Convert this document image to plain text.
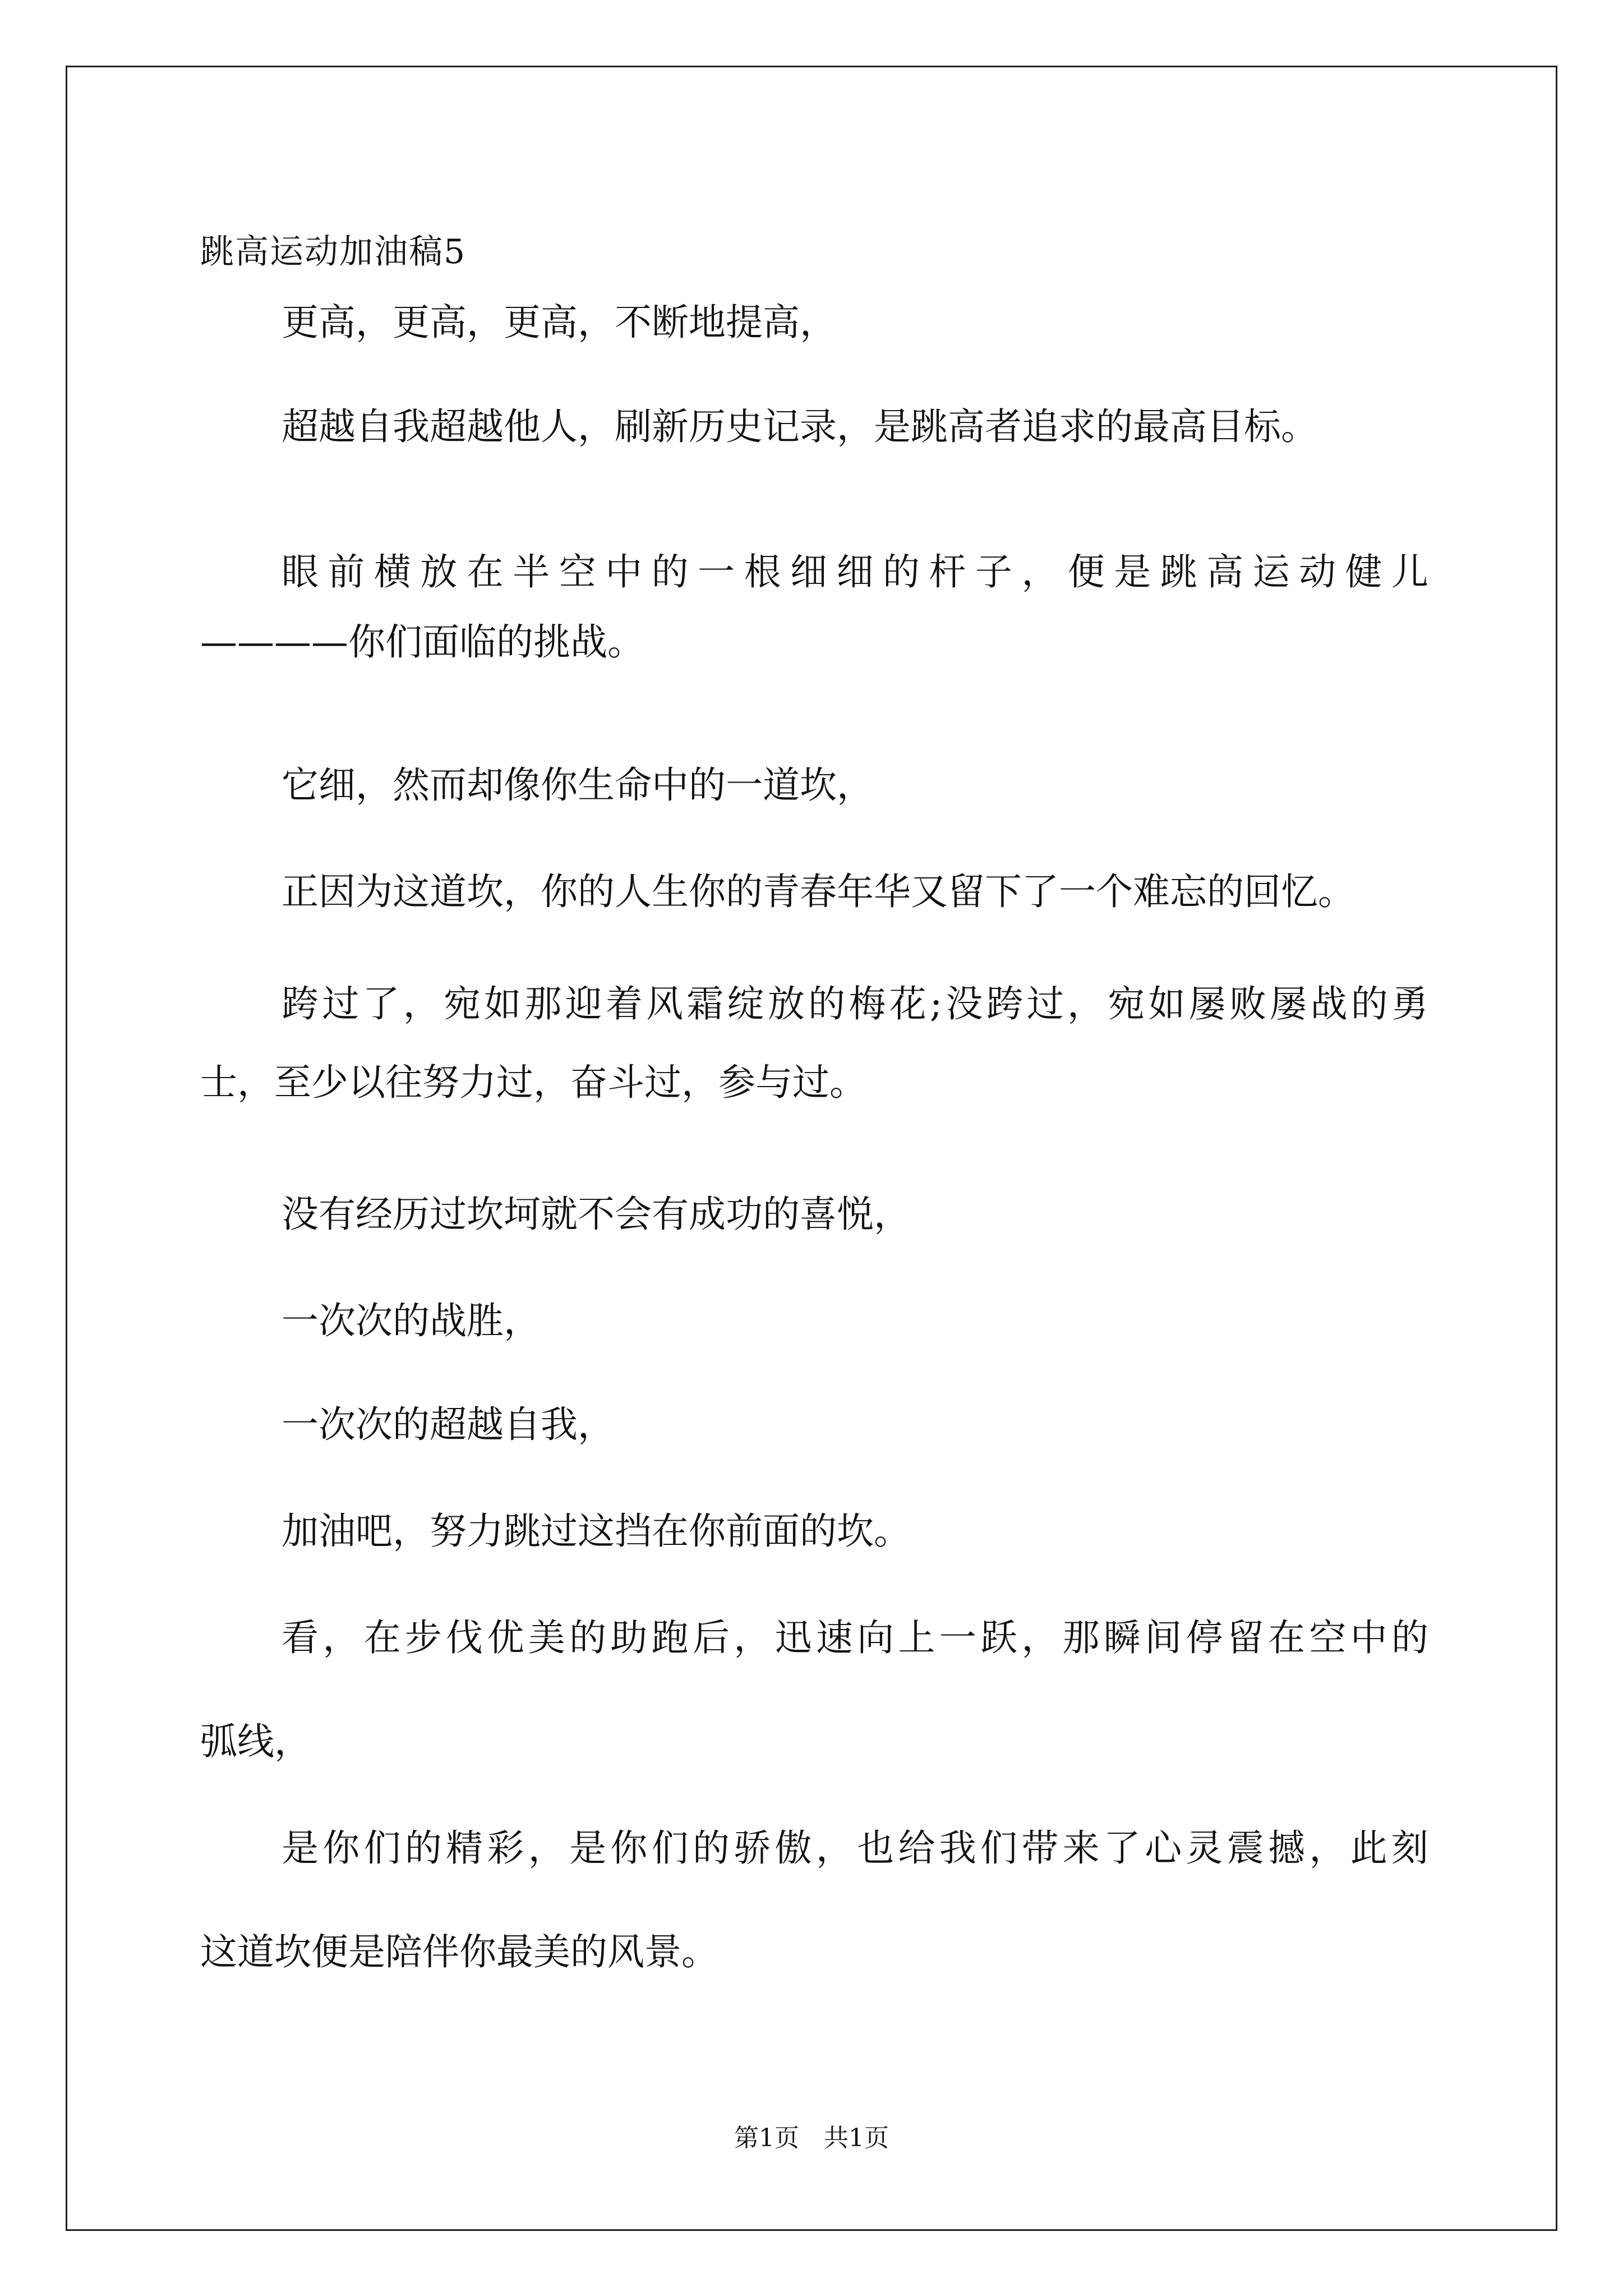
跳高运动加油稿5
更高，更高，更高，不断地提高，
超越自我超越他人，刷新历史记录，是跳高者追求的最高目标。
眼前横放在半空中的一根细细的杆子，便是跳高运动健儿
————你们面临的挑战。
它细，然而却像你生命中的一道坎，
正因为这道坎，你的人生你的青春年华又留下了一个难忘的回忆。
跨过了，宛如那迎着风霜绽放的梅花;没跨过，宛如屡败屡战的勇
士，至少以往努力过，奋斗过，参与过。
没有经历过坎坷就不会有成功的喜悦，
一次次的战胜，
一次次的超越自我，
加油吧，努力跳过这挡在你前面的坎。
看，在步伐优美的助跑后，迅速向上一跃，那瞬间停留在空中的
弧线，
是你们的精彩，是你们的骄傲，也给我们带来了心灵震撼，此刻
这道坎便是陪伴你最美的风景。
第1页　共1页
